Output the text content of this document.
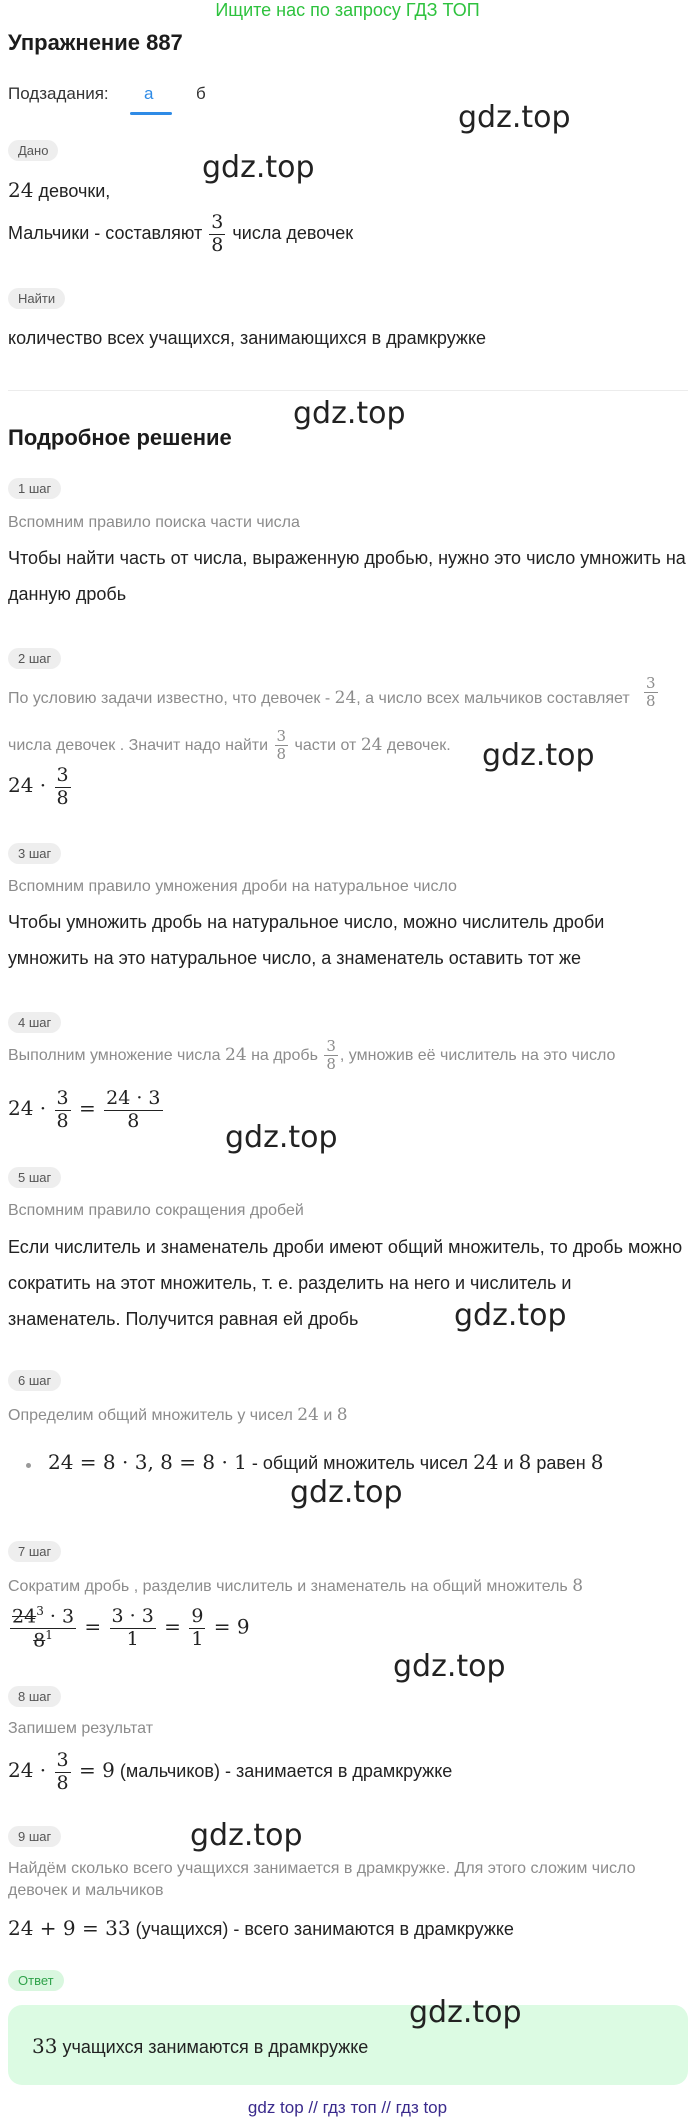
Ищите нас по запросу ГДЗ ТОП
Упражнение 887
Подзадания: а	б
Дано
24 девочки,
Мальчики - составляют $\frac{3}{8}$ числа девочек
Найти
количество всех учащихся, занимающихся в драмкружке
Подробное решение
1 шаг
Вспомним правило поиска части числа
Чтобы найти часть от числа, выраженную дробью, нужно это число умножить на данную дробь
2 шаг
По условию задачи известно, что девочек - 24, а число всех мальчиков составляет $\frac{3}{8}$
числа девочек . Значит надо найти $\frac{3}{8}$ части от 24 девочек.
$24 \cdot \frac{3}{8}$
3 шаг
Вспомним правило умножения дроби на натуральное число
Чтобы умножить дробь на натуральное число, можно числитель дроби умножить на это натуральное число, а знаменатель оставить тот же
4 шаг
Выполним умножение числа 24 на дробь $\frac{3}{8}$ , умножив её числитель на это число
$24 \cdot \frac{3}{8} = \frac{24 \cdot 3}{8}$
5 шаг
Вспомним правило сокращения дробей
Если числитель и знаменатель дроби имеют общий множитель, то дробь можно сократить на этот множитель, т. е. разделить на него и числитель и знаменатель. Получится равная ей дробь
6 шаг
Определим общий множитель у чисел 24 и 8
24 = 8 · 3, 8 = 8 · 1 - общий множитель чисел 24 и 8 равен 8
7 шаг
Сократим дробь , разделив числитель и знаменатель на общий множитель 8
$\frac{24^3 \cdot 3}{8^1} = \frac{3 \cdot 3}{1} = \frac{9}{1} = 9$
8 шаг
Запишем результат
$24 \cdot \frac{3}{8} = 9$ (мальчиков) - занимается в драмкружке
9 шаг
Найдём сколько всего учащихся занимается в драмкружке. Для этого сложим число девочек и мальчиков
24 + 9 = 33 (учащихся) - всего занимаются в драмкружке
Ответ
33 учащихся занимаются в драмкружке
gdz.top
gdz.top
gdz.top
gdz.top
gdz.top
gdz.top
gdz.top
gdz.top
gdz.top
gdz.top
gdz top // гдз топ // гдз top
